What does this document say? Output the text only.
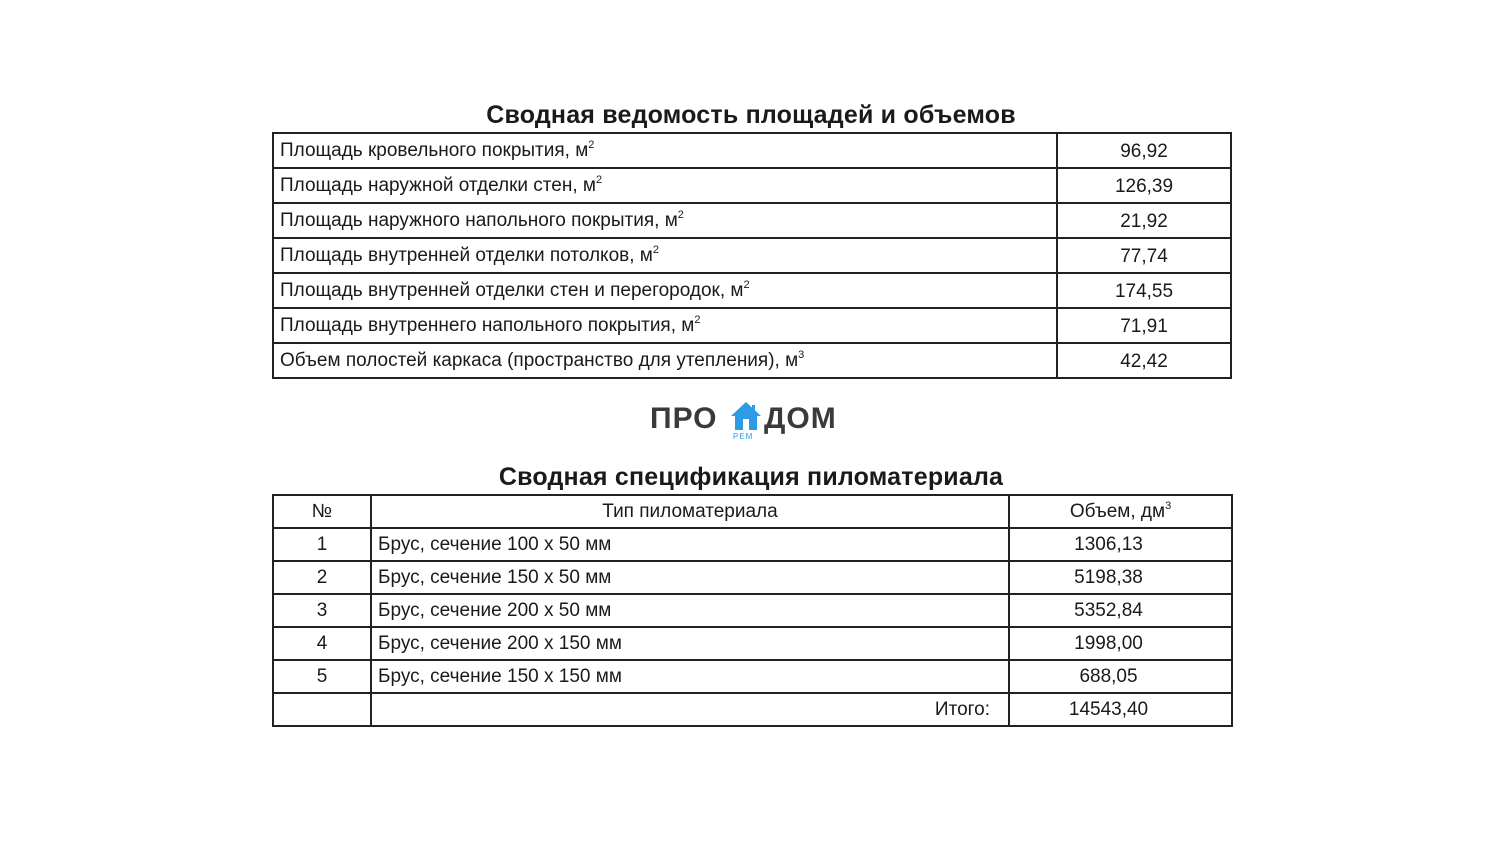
Сводная ведомость площадей и объемов
Площадь кровельного покрытия, $м^2$	96,92
Площадь наружной отделки стен, $м^2$	126,39
Площадь наружного напольного покрытия, $м^2$	21,92
Площадь внутренней отделки потолков, $м^2$	77,74
Площадь внутренней отделки стен и перегородок, $м^2$	174,55
Площадь внутреннего напольного покрытия, $м^2$	71,91
Объем полостей каркаса (пространство для утепления), $м^3$	42,42
ПРО
РЕМ
ДОМ
Сводная спецификация пиломатериала
№	Тип пиломатериала	Объем, $дм^3$
1	Брус, сечение 100 х 50 мм	1306,13
2	Брус, сечение 150 х 50 мм	5198,38
3	Брус, сечение 200 х 50 мм	5352,84
4	Брус, сечение 200 х 150 мм	1998,00
5	Брус, сечение 150 х 150 мм	688,05
	Итого:	14543,40
